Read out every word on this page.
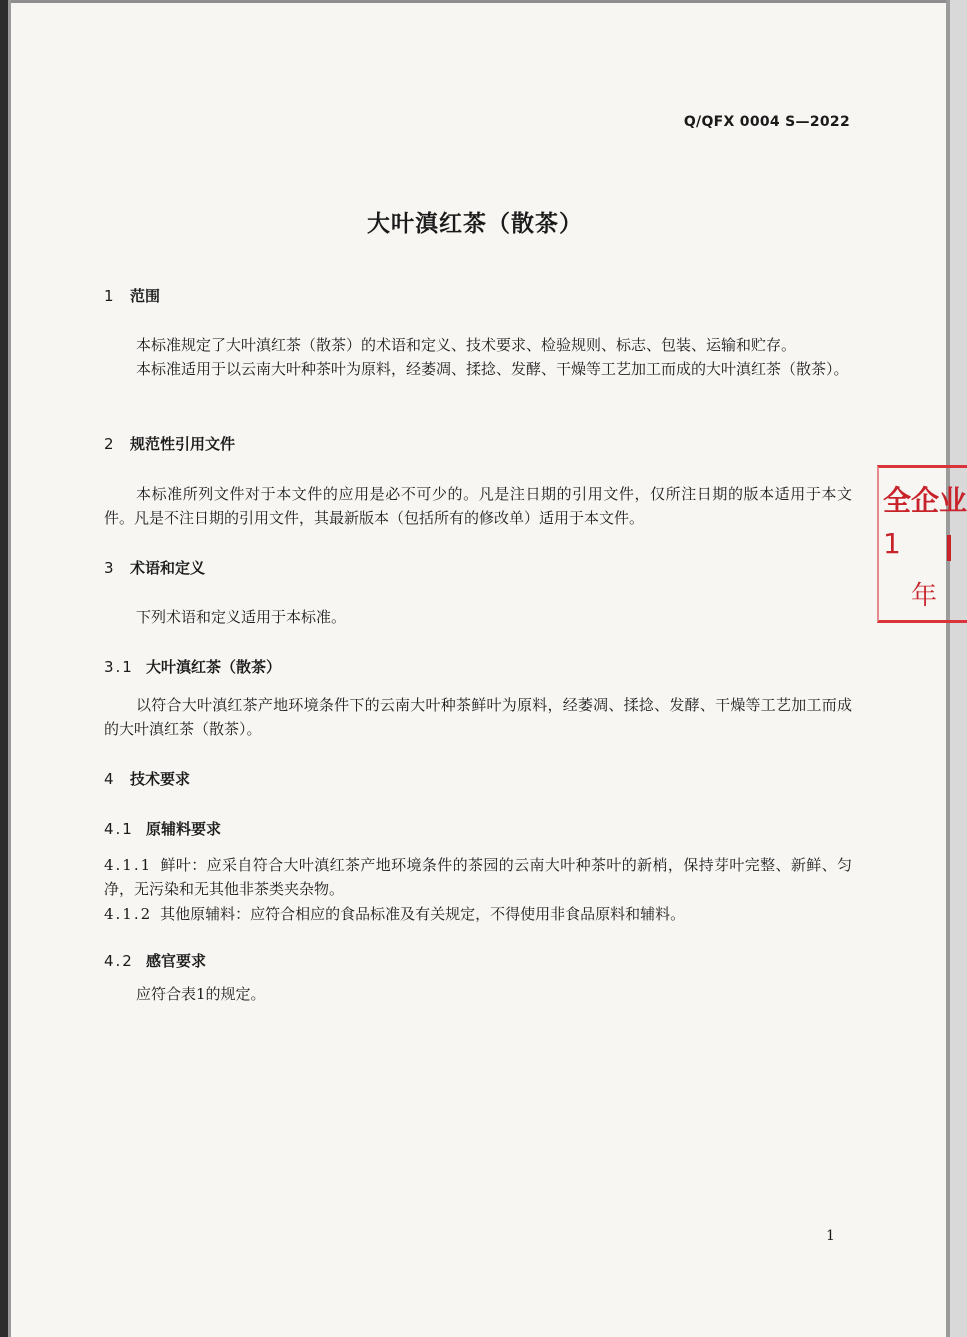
Q/QFX 0004 S—2022
大叶滇红茶（散茶）
1 范围
本标准规定了大叶滇红茶（散茶）的术语和定义、技术要求、检验规则、标志、包装、运输和贮存。
本标准适用于以云南大叶种茶叶为原料，经萎凋、揉捻、发酵、干燥等工艺加工而成的大叶滇红茶（散茶）。
2 规范性引用文件
本标准所列文件对于本文件的应用是必不可少的。凡是注日期的引用文件，仅所注日期的版本适用于本文件。凡是不注日期的引用文件，其最新版本（包括所有的修改单）适用于本文件。
3 术语和定义
下列术语和定义适用于本标准。
3.1 大叶滇红茶（散茶）
以符合大叶滇红茶产地环境条件下的云南大叶种茶鲜叶为原料，经萎凋、揉捻、发酵、干燥等工艺加工而成的大叶滇红茶（散茶）。
4 技术要求
4.1 原辅料要求
4.1.1 鲜叶：应采自符合大叶滇红茶产地环境条件的茶园的云南大叶种茶叶的新梢，保持芽叶完整、新鲜、匀净，无污染和无其他非茶类夹杂物。
4.1.2 其他原辅料：应符合相应的食品标准及有关规定，不得使用非食品原料和辅料。
4.2 感官要求
应符合表1的规定。
全企业
1
年
1
